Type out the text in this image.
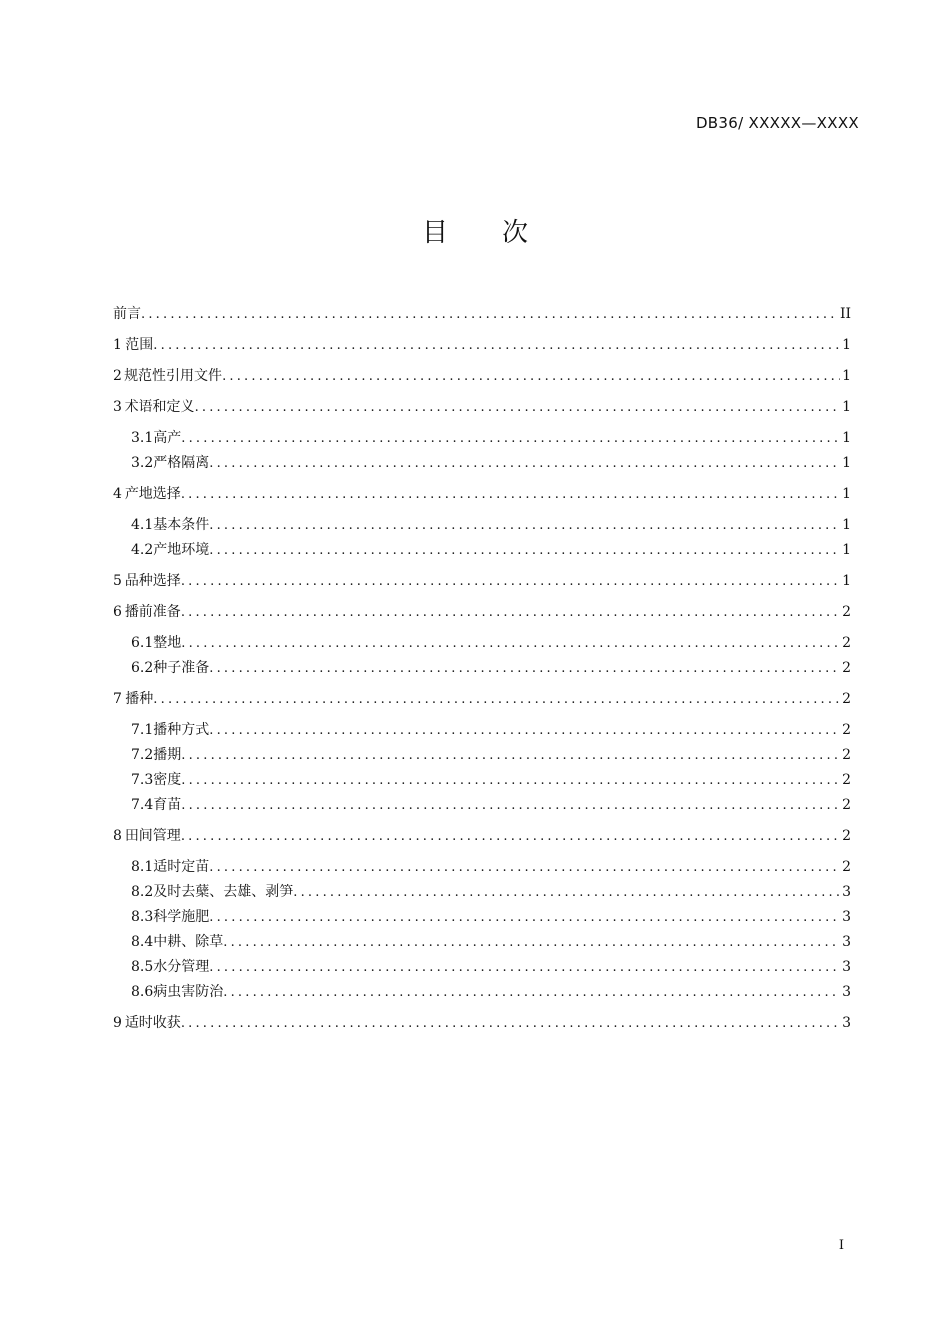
DB36/ XXXXX—XXXX
目 次
前言 .....	II
1 范围 .....	1
2 规范性引用文件 .....	1
3 术语和定义 .....	1
3.1 高产 .....	1
3.2 严格隔离 .....	1
4 产地选择 .....	1
4.1 基本条件 .....	1
4.2 产地环境 .....	1
5 品种选择 .....	1
6 播前准备 .....	2
6.1 整地 .....	2
6.2 种子准备 .....	2
7 播种 .....	2
7.1 播种方式 .....	2
7.2 播期 .....	2
7.3 密度 .....	2
7.4 育苗 .....	2
8 田间管理 .....	2
8.1 适时定苗 .....	2
8.2 及时去蘖、去雄、剥笋 .....	3
8.3 科学施肥 .....	3
8.4 中耕、除草 .....	3
8.5 水分管理 .....	3
8.6 病虫害防治 .....	3
9 适时收获 .....	3
I
